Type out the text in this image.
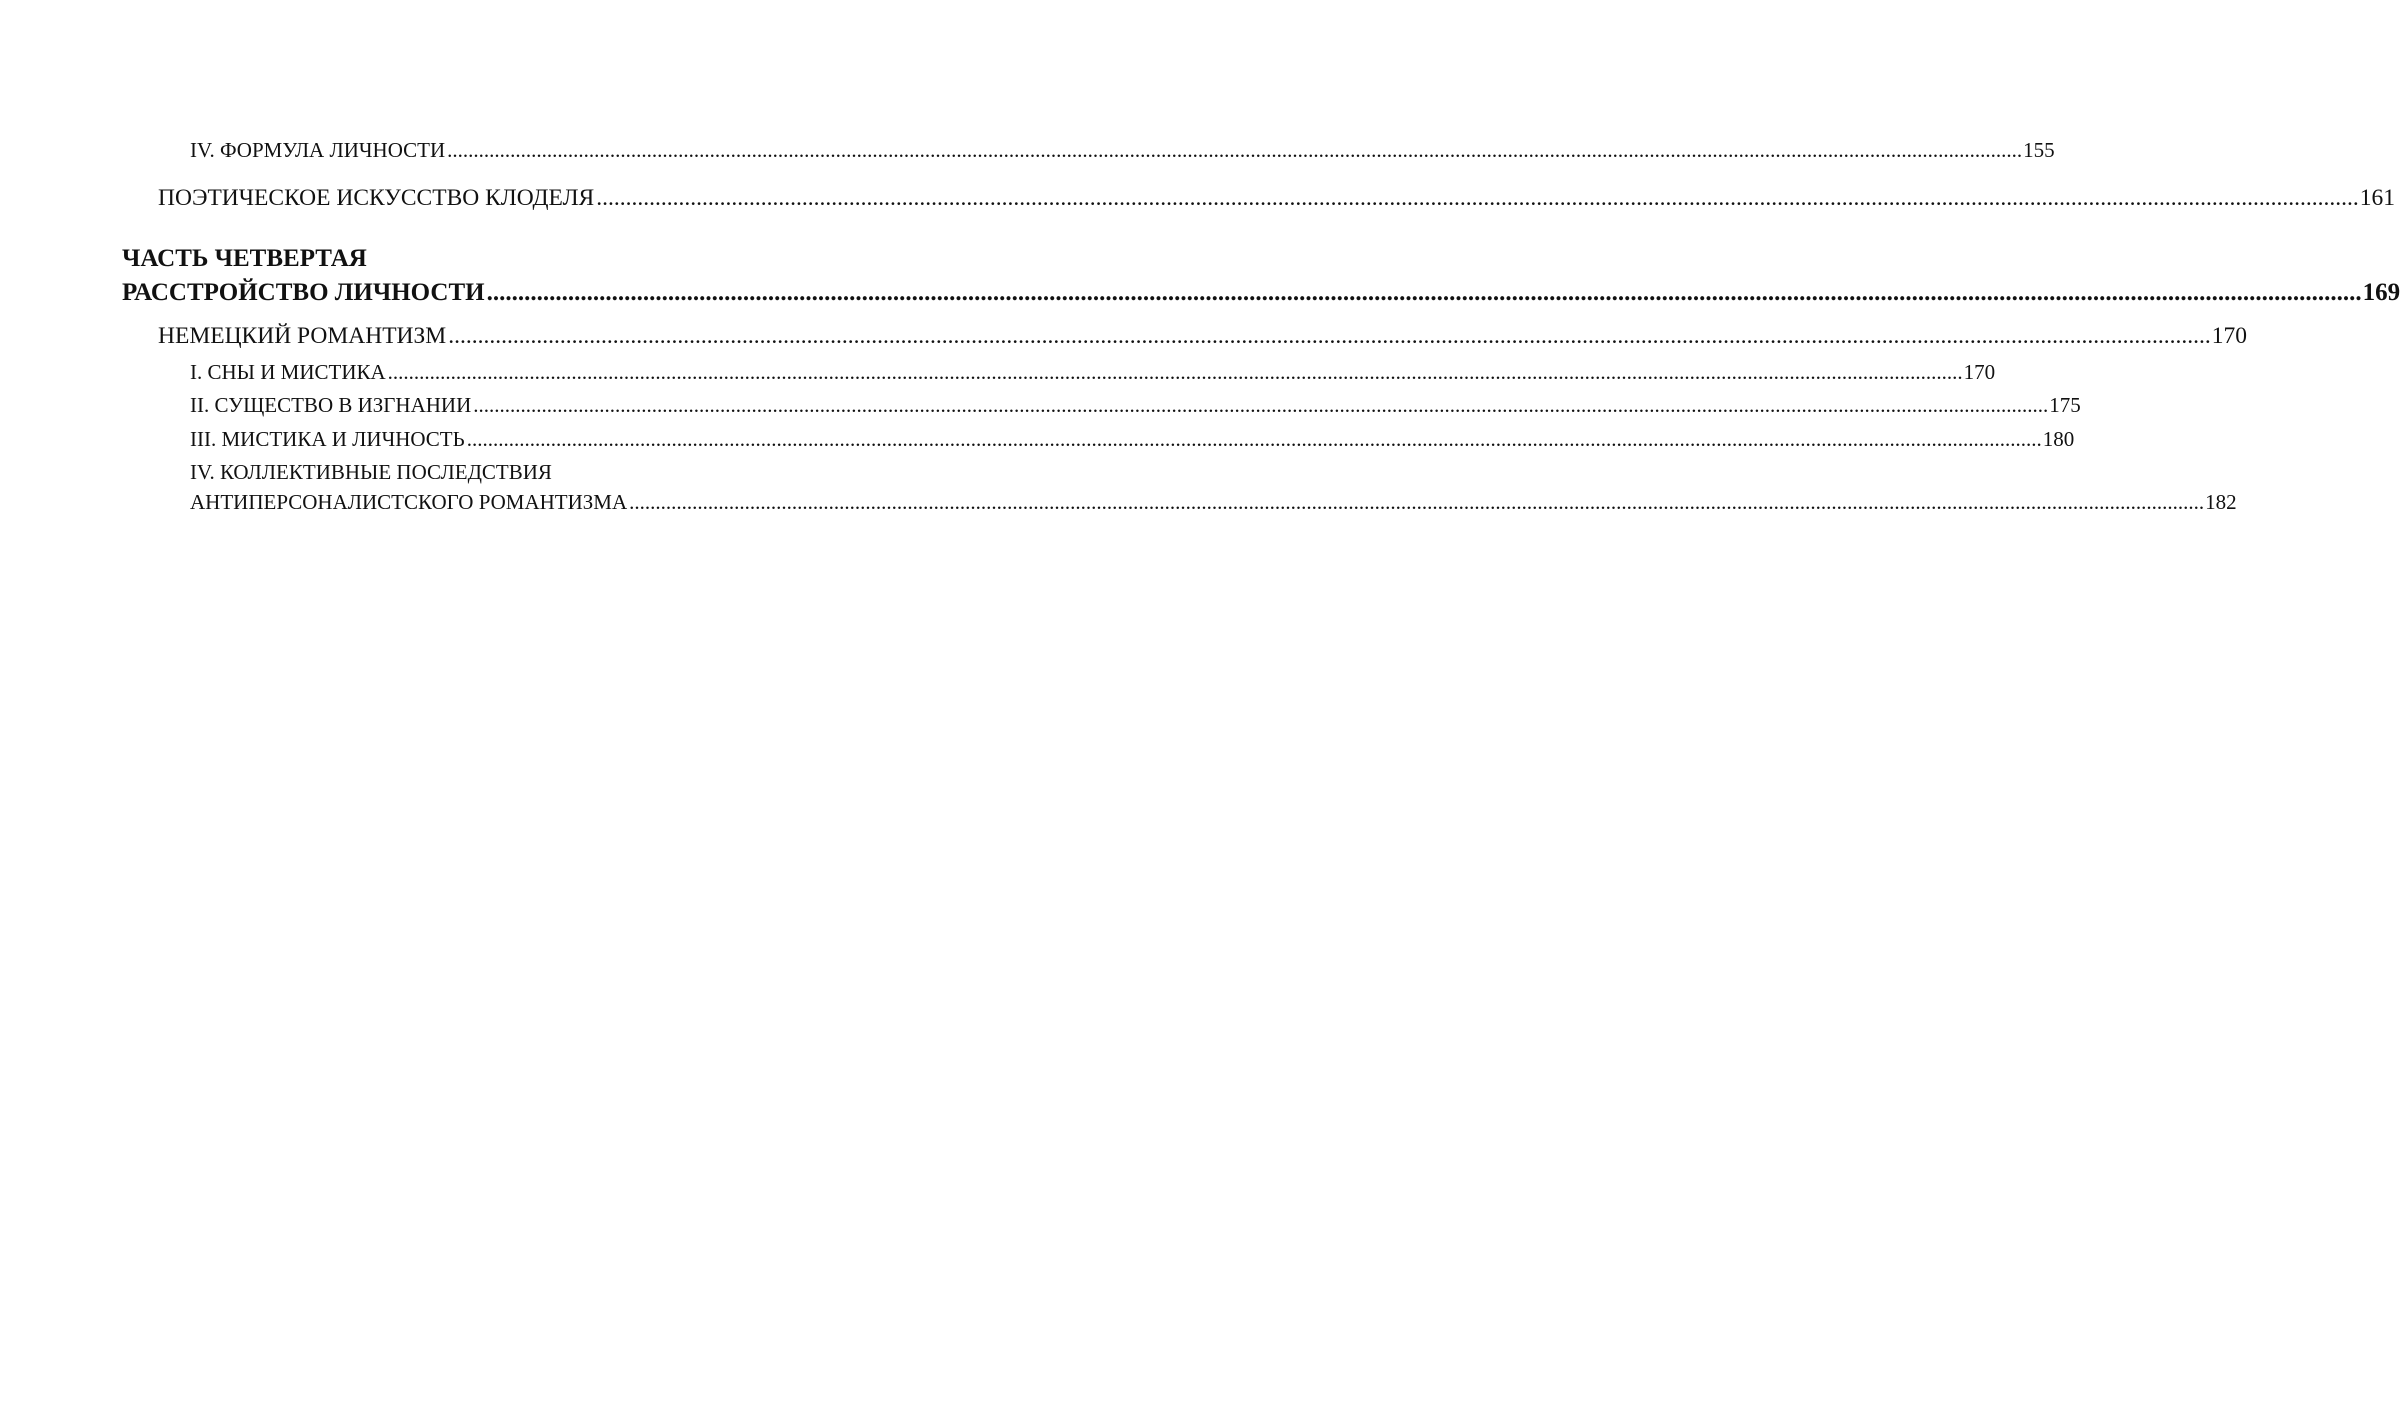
IV. ФОРМУЛА ЛИЧНОСТИ ............................................................................................................................................................................................................................................................................................................ 155
ПОЭТИЧЕСКОЕ ИСКУССТВО КЛОДЕЛЯ ............................................................................................................................................................................................................................................................................................................ 161
ЧАСТЬ ЧЕТВЕРТАЯ
РАССТРОЙСТВО ЛИЧНОСТИ ............................................................................................................................................................................................................................................................................................................ 169
НЕМЕЦКИЙ РОМАНТИЗМ ............................................................................................................................................................................................................................................................................................................ 170
I. СНЫ И МИСТИКА ............................................................................................................................................................................................................................................................................................................ 170
II. СУЩЕСТВО В ИЗГНАНИИ ............................................................................................................................................................................................................................................................................................................ 175
III. МИСТИКА И ЛИЧНОСТЬ ............................................................................................................................................................................................................................................................................................................ 180
IV. КОЛЛЕКТИВНЫЕ ПОСЛЕДСТВИЯ
АНТИПЕРСОНАЛИСТСКОГО РОМАНТИЗМА ............................................................................................................................................................................................................................................................................................................ 182
